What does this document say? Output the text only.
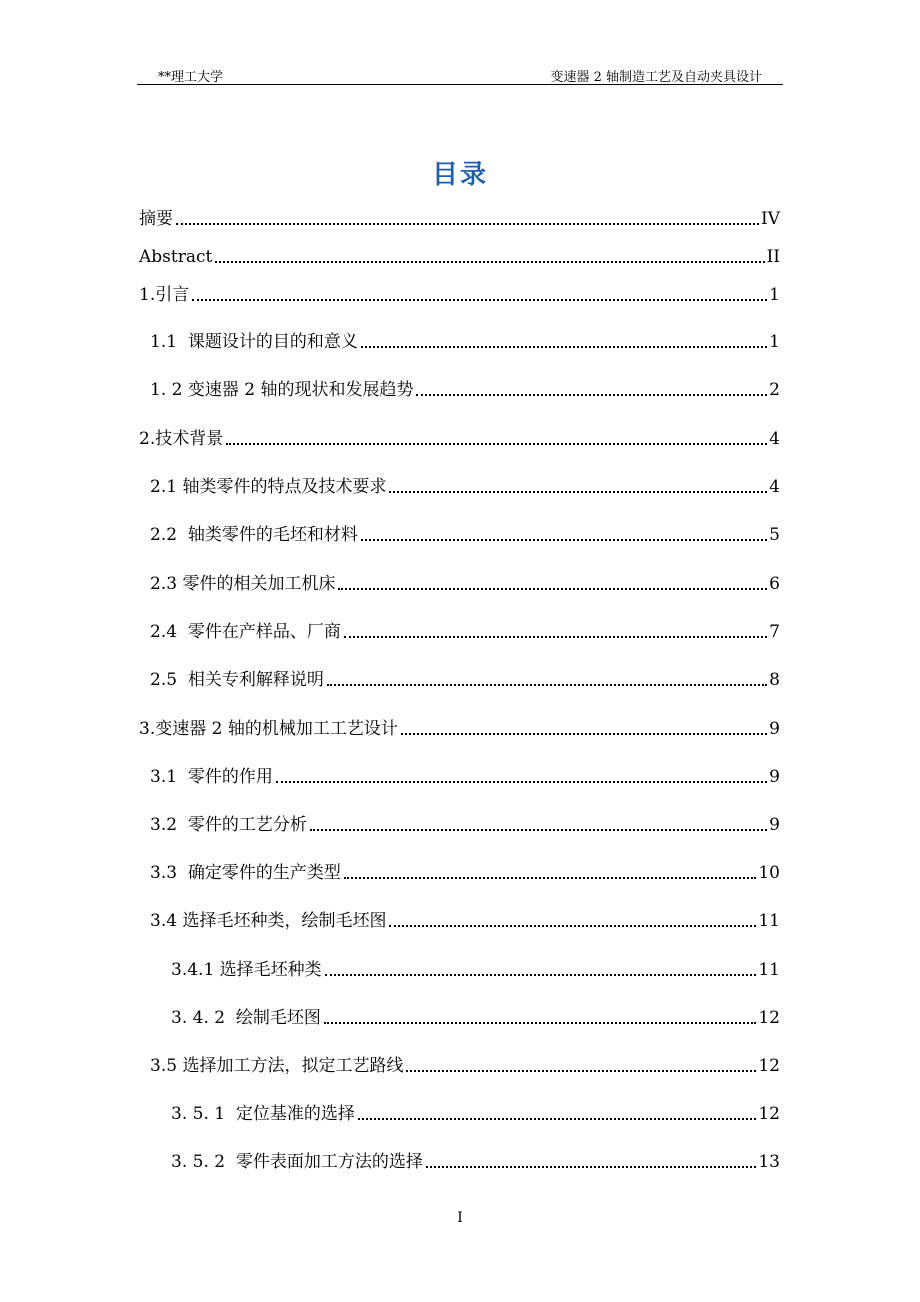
**理工大学	变速器 2 轴制造工艺及自动夹具设计
目录
摘要	IV
Abstract	II
1.引言	1
1.1  课题设计的目的和意义	1
1. 2 变速器 2 轴的现状和发展趋势	2
2.技术背景	4
2.1 轴类零件的特点及技术要求	4
2.2  轴类零件的毛坯和材料	5
2.3 零件的相关加工机床	6
2.4  零件在产样品、厂商	7
2.5  相关专利解释说明	8
3.变速器 2 轴的机械加工工艺设计	9
3.1  零件的作用	9
3.2  零件的工艺分析	9
3.3  确定零件的生产类型	10
3.4 选择毛坯种类，绘制毛坯图	11
3.4.1 选择毛坯种类	11
3. 4. 2  绘制毛坯图	12
3.5 选择加工方法，拟定工艺路线	12
3. 5. 1  定位基准的选择	12
3. 5. 2  零件表面加工方法的选择	13
I
